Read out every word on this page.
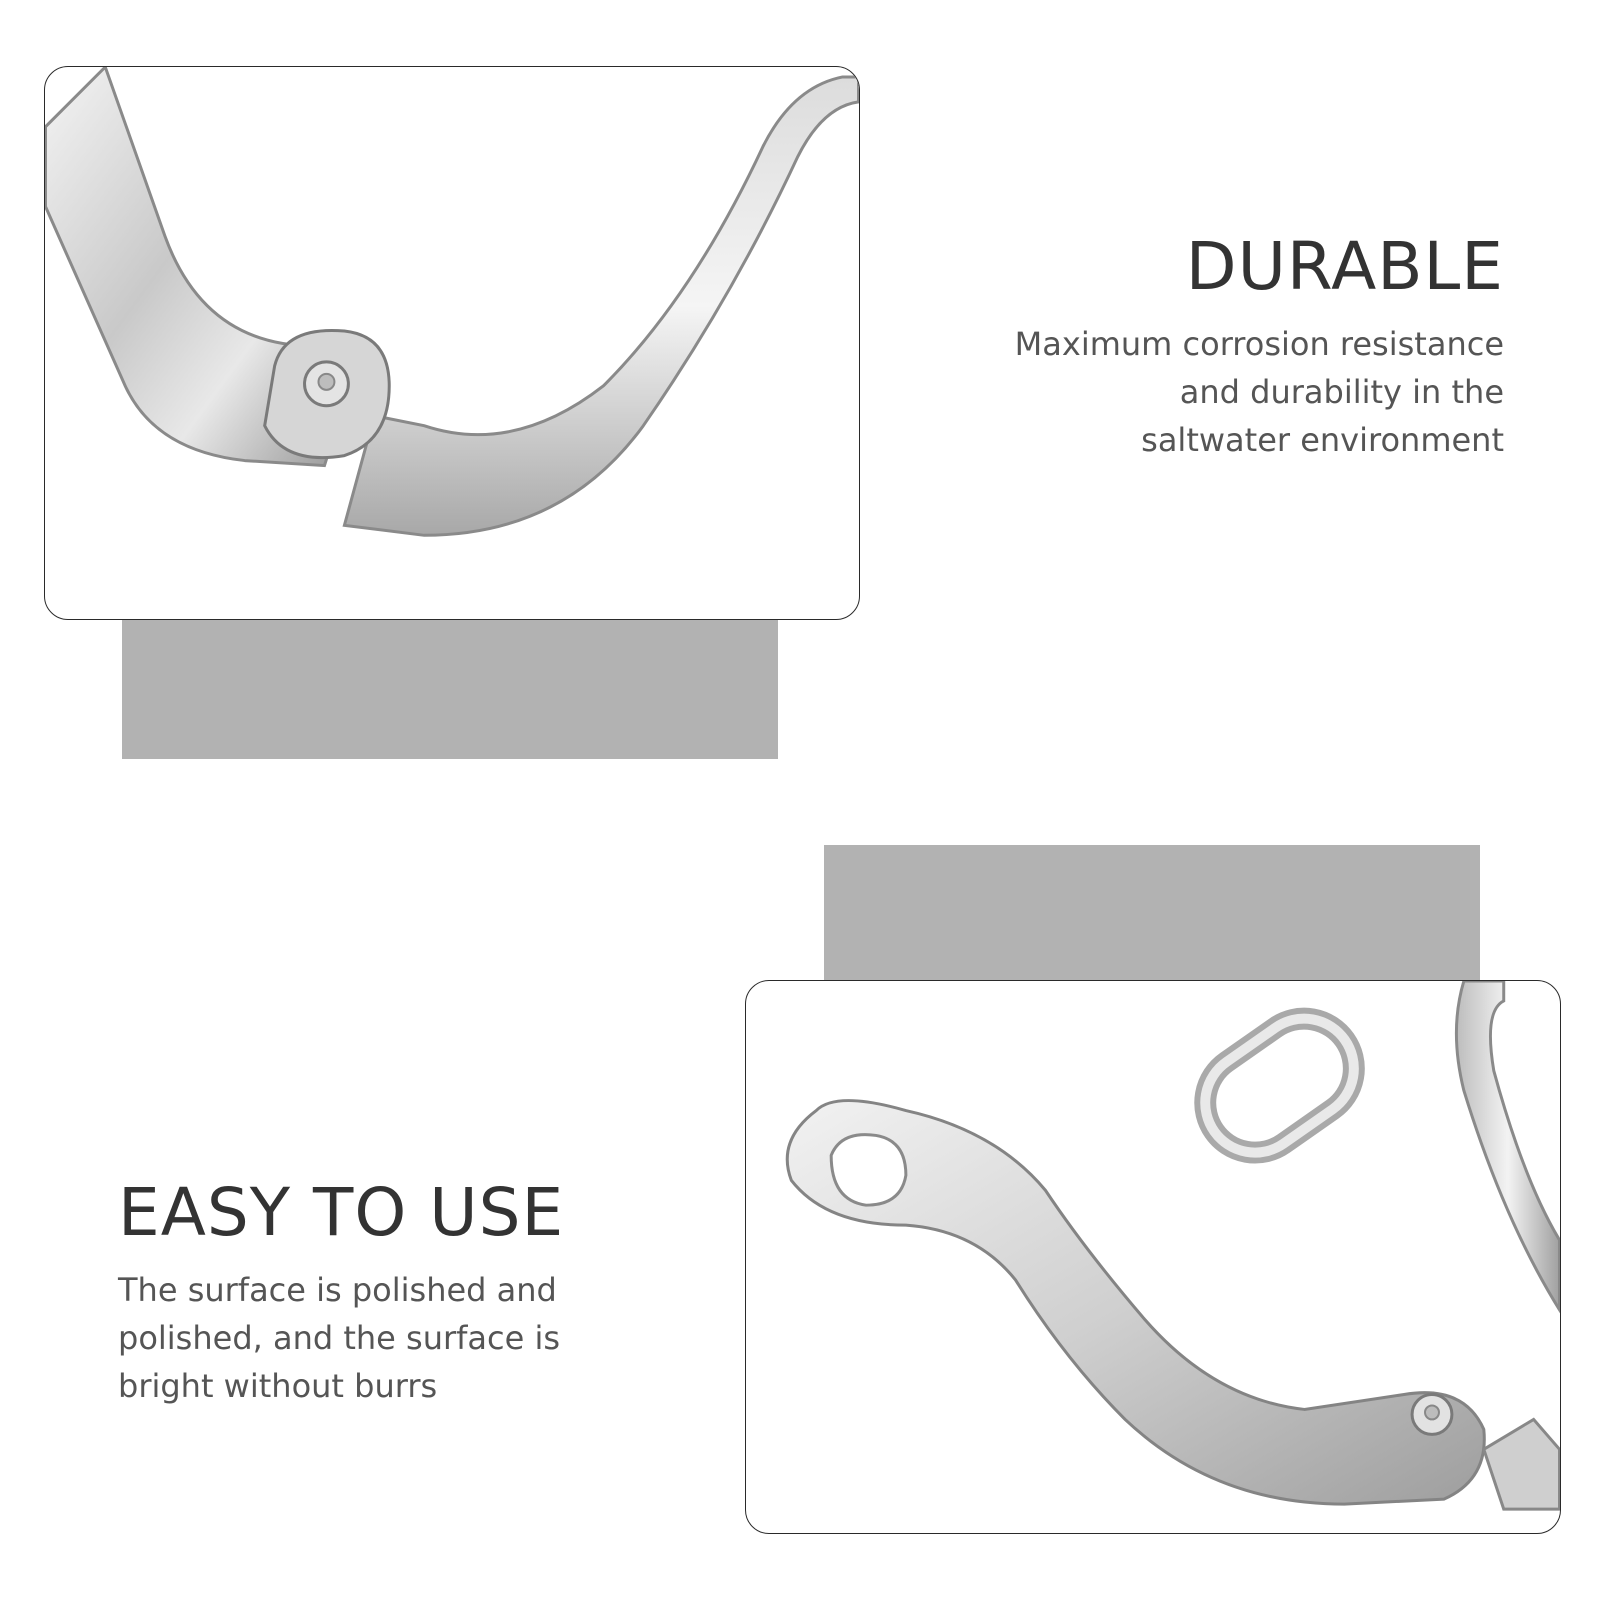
DURABLE
Maximum corrosion resistance
and durability in the
saltwater environment
EASY TO USE
The surface is polished and
polished, and the surface is
bright without burrs
